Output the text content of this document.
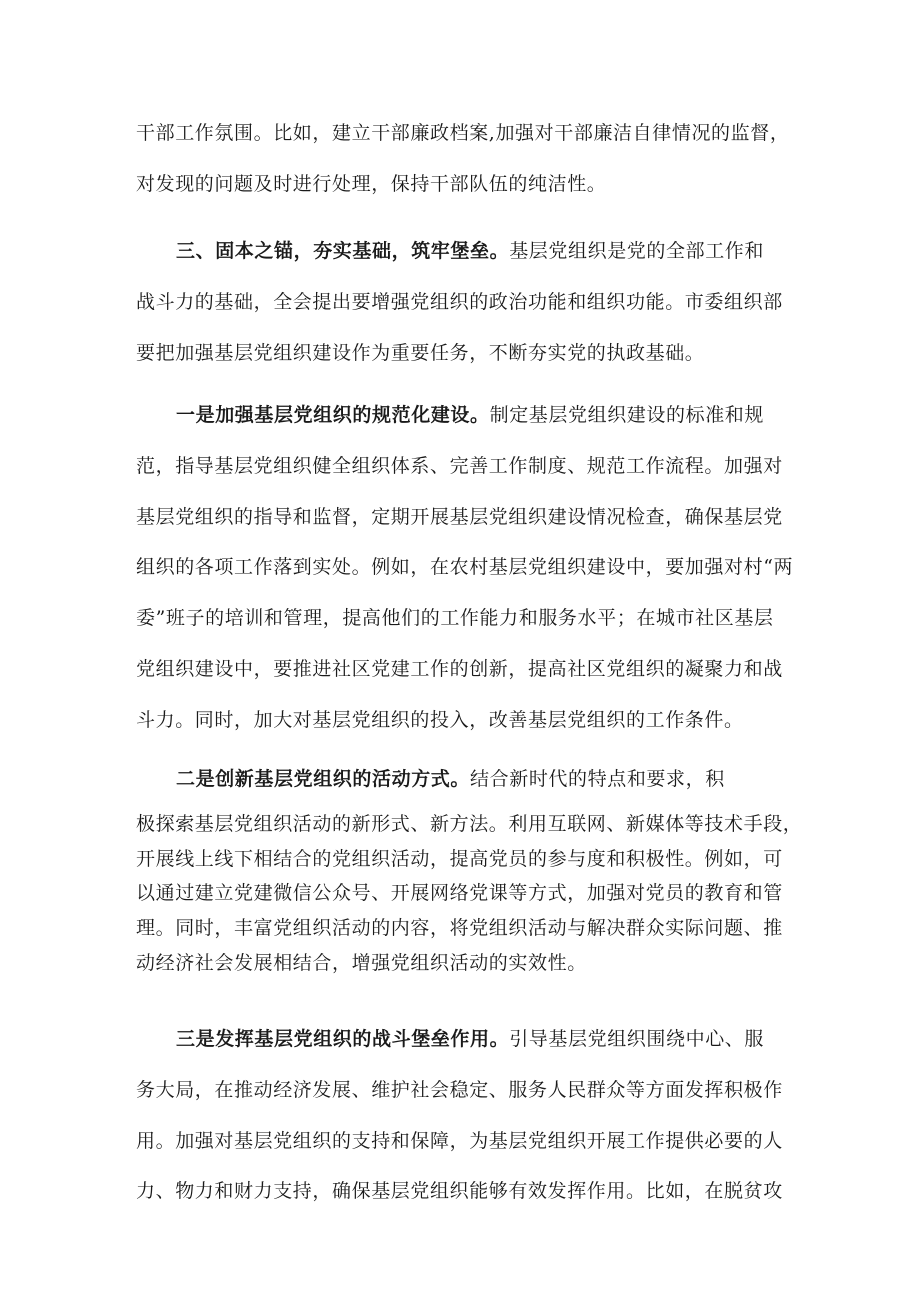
干部工作氛围。比如，建立干部廉政档案,加强对干部廉洁自律情况的监督，
对发现的问题及时进行处理，保持干部队伍的纯洁性。
三、固本之锚，夯实基础，筑牢堡垒。基层党组织是党的全部工作和
战斗力的基础，全会提出要增强党组织的政治功能和组织功能。市委组织部
要把加强基层党组织建设作为重要任务，不断夯实党的执政基础。
一是加强基层党组织的规范化建设。制定基层党组织建设的标准和规
范，指导基层党组织健全组织体系、完善工作制度、规范工作流程。加强对
基层党组织的指导和监督，定期开展基层党组织建设情况检查，确保基层党
组织的各项工作落到实处。例如，在农村基层党组织建设中，要加强对村“两
委”班子的培训和管理，提高他们的工作能力和服务水平；在城市社区基层
党组织建设中，要推进社区党建工作的创新，提高社区党组织的凝聚力和战
斗力。同时，加大对基层党组织的投入，改善基层党组织的工作条件。
二是创新基层党组织的活动方式。结合新时代的特点和要求，积
极探索基层党组织活动的新形式、新方法。利用互联网、新媒体等技术手段，
开展线上线下相结合的党组织活动，提高党员的参与度和积极性。例如，可
以通过建立党建微信公众号、开展网络党课等方式，加强对党员的教育和管
理。同时，丰富党组织活动的内容，将党组织活动与解决群众实际问题、推
动经济社会发展相结合，增强党组织活动的实效性。
三是发挥基层党组织的战斗堡垒作用。引导基层党组织围绕中心、服
务大局，在推动经济发展、维护社会稳定、服务人民群众等方面发挥积极作
用。加强对基层党组织的支持和保障，为基层党组织开展工作提供必要的人
力、物力和财力支持，确保基层党组织能够有效发挥作用。比如，在脱贫攻
